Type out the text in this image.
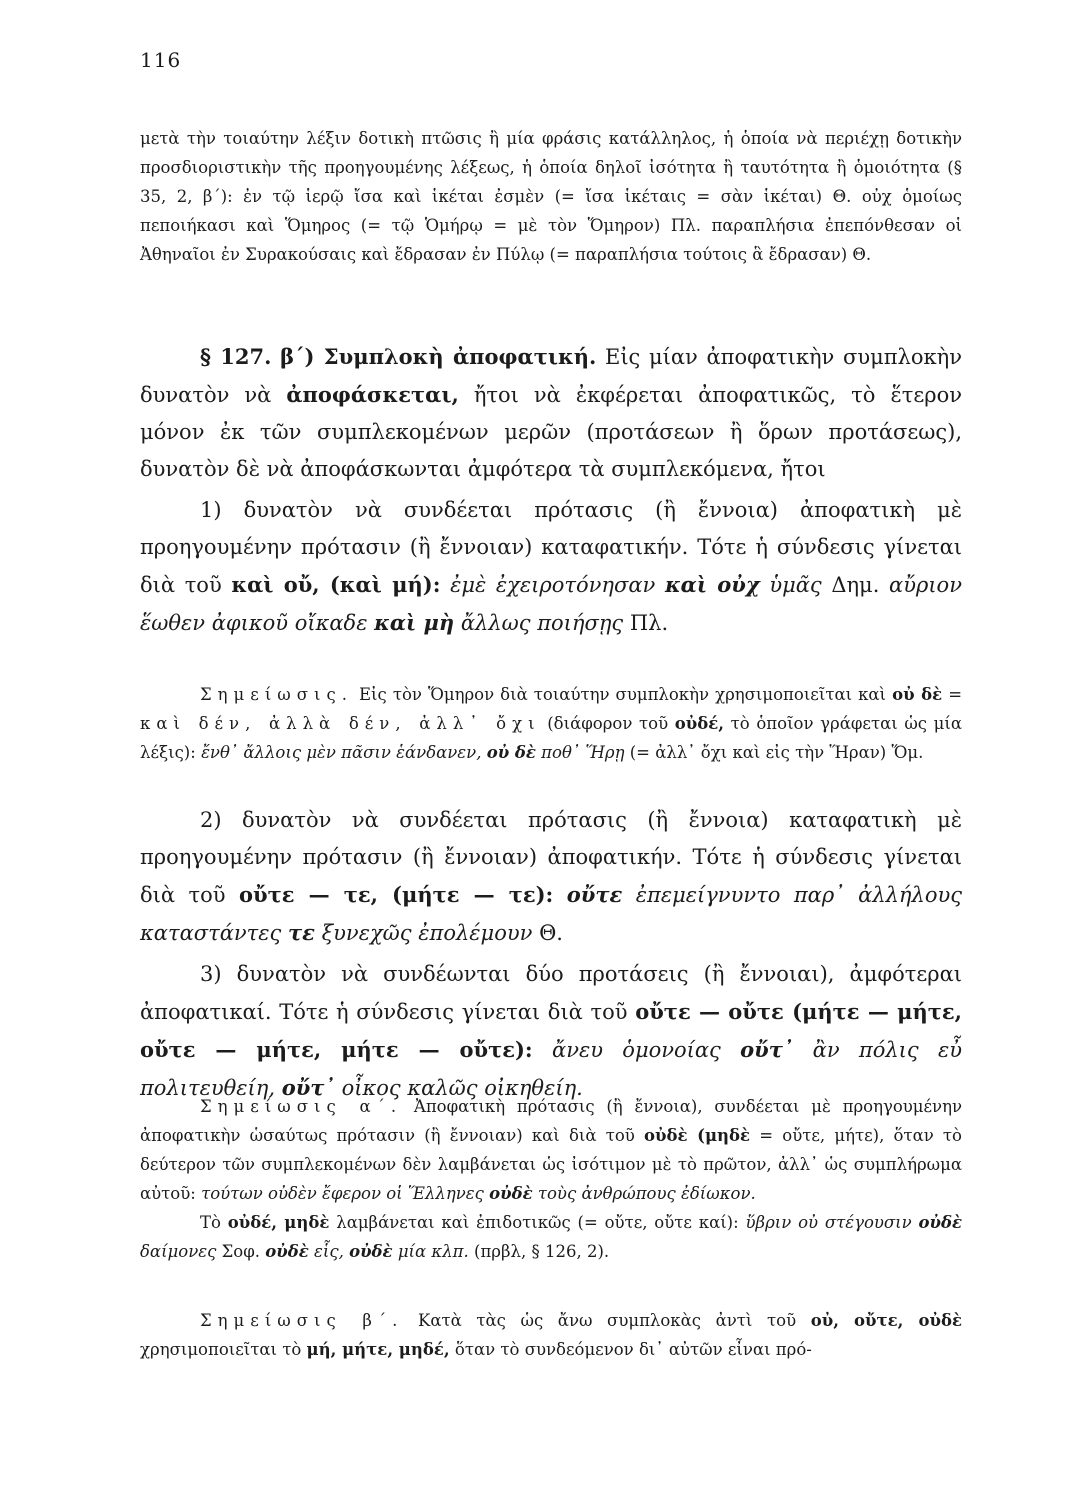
116

μετὰ τὴν τοιαύτην λέξιν δοτικὴ πτῶσις ἢ μία φράσις κατάλληλος, ἡ ὁποία νὰ περιέχῃ δοτικὴν προσδιοριστικὴν τῆς προηγουμένης λέξεως, ἡ ὁποία δηλοῖ ἰσότητα ἢ ταυτότητα ἢ ὁμοιότητα (§ 35, 2, β΄): ἐν τῷ ἱερῷ ἴσα καὶ ἱκέται ἐσμὲν (= ἴσα ἱκέταις = σὰν ἱκέται) Θ. οὐχ ὁμοίως πεποιήκασι καὶ Ὅμηρος (= τῷ Ὁμήρῳ = μὲ τὸν Ὅμηρον) Πλ. παραπλήσια ἐπεπόνθεσαν οἱ Ἀθηναῖοι ἐν Συρακούσαις καὶ ἔδρασαν ἐν Πύλῳ (= παραπλήσια τούτοις ἃ ἔδρασαν) Θ.

§ 127. β΄) Συμπλοκὴ ἀποφατική. Εἰς μίαν ἀποφατικὴν συμπλοκὴν δυνατὸν νὰ ἀποφάσκεται, ἤτοι νὰ ἐκφέρεται ἀποφατικῶς, τὸ ἕτερον μόνον ἐκ τῶν συμπλεκομένων μερῶν (προτάσεων ἢ ὅρων προτάσεως), δυνατὸν δὲ νὰ ἀποφάσκωνται ἀμφότερα τὰ συμπλεκόμενα, ἤτοι

1) δυνατὸν νὰ συνδέεται πρότασις (ἢ ἔννοια) ἀποφατικὴ μὲ προηγουμένην πρότασιν (ἢ ἔννοιαν) καταφατικήν. Τότε ἡ σύνδεσις γίνεται διὰ τοῦ καὶ οὔ, (καὶ μή): ἐμὲ ἐχειροτόνησαν καὶ οὐχ ὑμᾶς Δημ. αὔριον ἕωθεν ἀφικοῦ οἴκαδε καὶ μὴ ἄλλως ποιήσῃς Πλ.

Σημείωσις. Εἰς τὸν Ὅμηρον διὰ τοιαύτην συμπλοκὴν χρησιμοποιεῖται καὶ οὐ δὲ = καὶ δέν, ἀλλὰ δέν, ἀλλ᾽ ὄχι (διάφορον τοῦ οὐδέ, τὸ ὁποῖον γράφεται ὡς μία λέξις): ἔνθ᾽ ἄλλοις μὲν πᾶσιν ἑάνδανεν, οὐ δὲ ποθ᾽ Ἥρῃ (= ἀλλ᾽ ὄχι καὶ εἰς τὴν Ἥραν) Ὅμ.

2) δυνατὸν νὰ συνδέεται πρότασις (ἢ ἔννοια) καταφατικὴ μὲ προηγουμένην πρότασιν (ἢ ἔννοιαν) ἀποφατικήν. Τότε ἡ σύνδεσις γίνεται διὰ τοῦ οὔτε — τε, (μήτε — τε): οὔτε ἐπεμείγνυντο παρ᾽ ἀλλήλους καταστάντες τε ξυνεχῶς ἐπολέμουν Θ.

3) δυνατὸν νὰ συνδέωνται δύο προτάσεις (ἢ ἔννοιαι), ἀμφότεραι ἀποφατικαί. Τότε ἡ σύνδεσις γίνεται διὰ τοῦ οὔτε — οὔτε (μήτε — μήτε, οὔτε — μήτε, μήτε — οὔτε): ἄνευ ὁμονοίας οὔτ᾽ ἂν πόλις εὖ πολιτευθείη, οὔτ᾽ οἶκος καλῶς οἰκηθείη.

Σημείωσις α΄. Ἀποφατικὴ πρότασις (ἢ ἔννοια), συνδέεται μὲ προηγουμένην ἀποφατικὴν ὡσαύτως πρότασιν (ἢ ἔννοιαν) καὶ διὰ τοῦ οὐδὲ (μηδὲ = οὔτε, μήτε), ὅταν τὸ δεύτερον τῶν συμπλεκομένων δὲν λαμβάνεται ὡς ἰσότιμον μὲ τὸ πρῶτον, ἀλλ᾽ ὡς συμπλήρωμα αὐτοῦ: τούτων οὐδὲν ἔφερον οἱ Ἕλληνες οὐδὲ τοὺς ἀνθρώπους ἐδίωκον.

Τὸ οὐδέ, μηδὲ λαμβάνεται καὶ ἐπιδοτικῶς (= οὔτε, οὔτε καί): ὕβριν οὐ στέγουσιν οὐδὲ δαίμονες Σοφ. οὐδὲ εἷς, οὐδὲ μία κλπ. (πρβλ, § 126, 2).

Σημείωσις β΄. Κατὰ τὰς ὡς ἄνω συμπλοκὰς ἀντὶ τοῦ οὐ, οὔτε, οὐδὲ χρησιμοποιεῖται τὸ μή, μήτε, μηδέ, ὅταν τὸ συνδεόμενον δι᾽ αὐτῶν εἶναι πρό-
